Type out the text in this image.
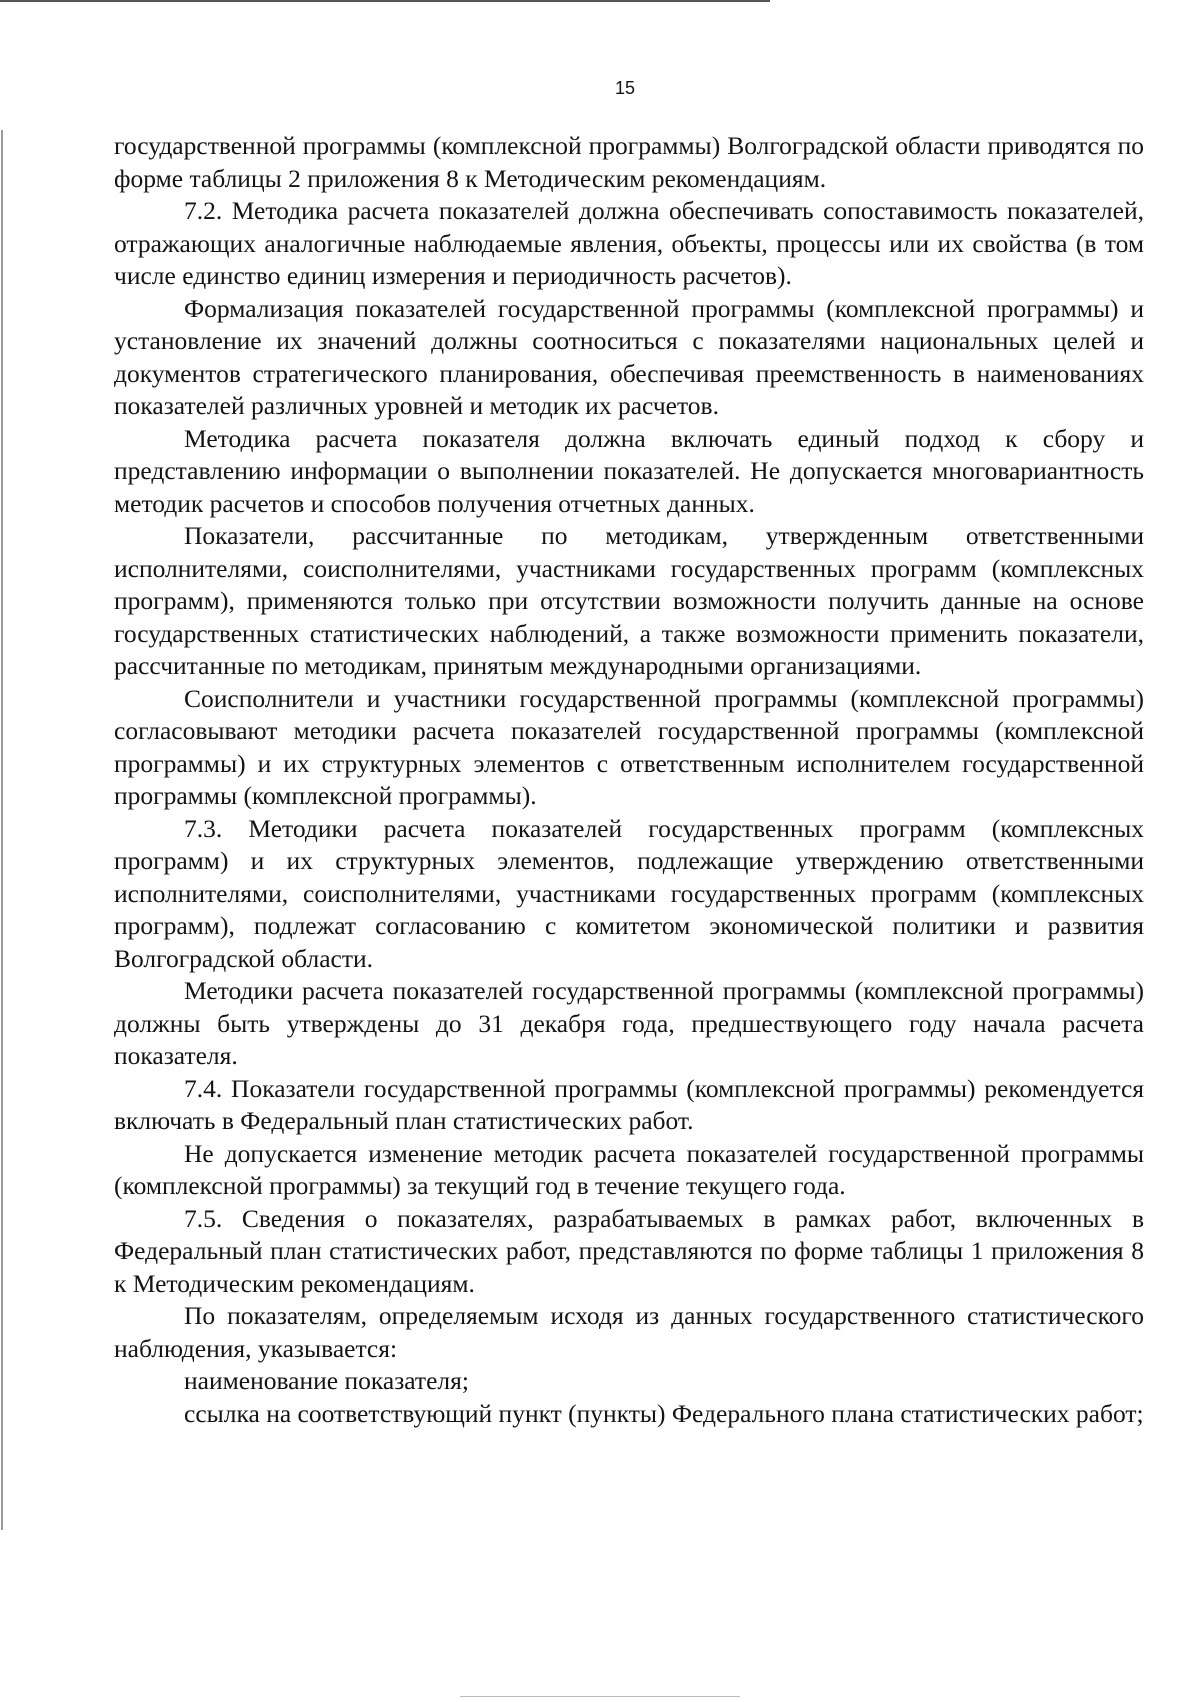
15

государственной программы (комплексной программы) Волгоградской области приводятся по форме таблицы 2 приложения 8 к Методическим рекомендациям.

7.2. Методика расчета показателей должна обеспечивать сопоставимость показателей, отражающих аналогичные наблюдаемые явления, объекты, процессы или их свойства (в том числе единство единиц измерения и периодичность расчетов).

Формализация показателей государственной программы (комплексной программы) и установление их значений должны соотноситься с показателями национальных целей и документов стратегического планирования, обеспечивая преемственность в наименованиях показателей различных уровней и методик их расчетов.

Методика расчета показателя должна включать единый подход к сбору и представлению информации о выполнении показателей. Не допускается многовариантность методик расчетов и способов получения отчетных данных.

Показатели, рассчитанные по методикам, утвержденным ответственными исполнителями, соисполнителями, участниками государственных программ (комплексных программ), применяются только при отсутствии возможности получить данные на основе государственных статистических наблюдений, а также возможности применить показатели, рассчитанные по методикам, принятым международными организациями.

Соисполнители и участники государственной программы (комплексной программы) согласовывают методики расчета показателей государственной программы (комплексной программы) и их структурных элементов с ответственным исполнителем государственной программы (комплексной программы).

7.3. Методики расчета показателей государственных программ (комплексных программ) и их структурных элементов, подлежащие утверждению ответственными исполнителями, соисполнителями, участниками государственных программ (комплексных программ), подлежат согласованию с комитетом экономической политики и развития Волгоградской области.

Методики расчета показателей государственной программы (комплексной программы) должны быть утверждены до 31 декабря года, предшествующего году начала расчета показателя.

7.4. Показатели государственной программы (комплексной программы) рекомендуется включать в Федеральный план статистических работ.

Не допускается изменение методик расчета показателей государственной программы (комплексной программы) за текущий год в течение текущего года.

7.5. Сведения о показателях, разрабатываемых в рамках работ, включенных в Федеральный план статистических работ, представляются по форме таблицы 1 приложения 8 к Методическим рекомендациям.

По показателям, определяемым исходя из данных государственного статистического наблюдения, указывается:

наименование показателя;

ссылка на соответствующий пункт (пункты) Федерального плана статистических работ;
